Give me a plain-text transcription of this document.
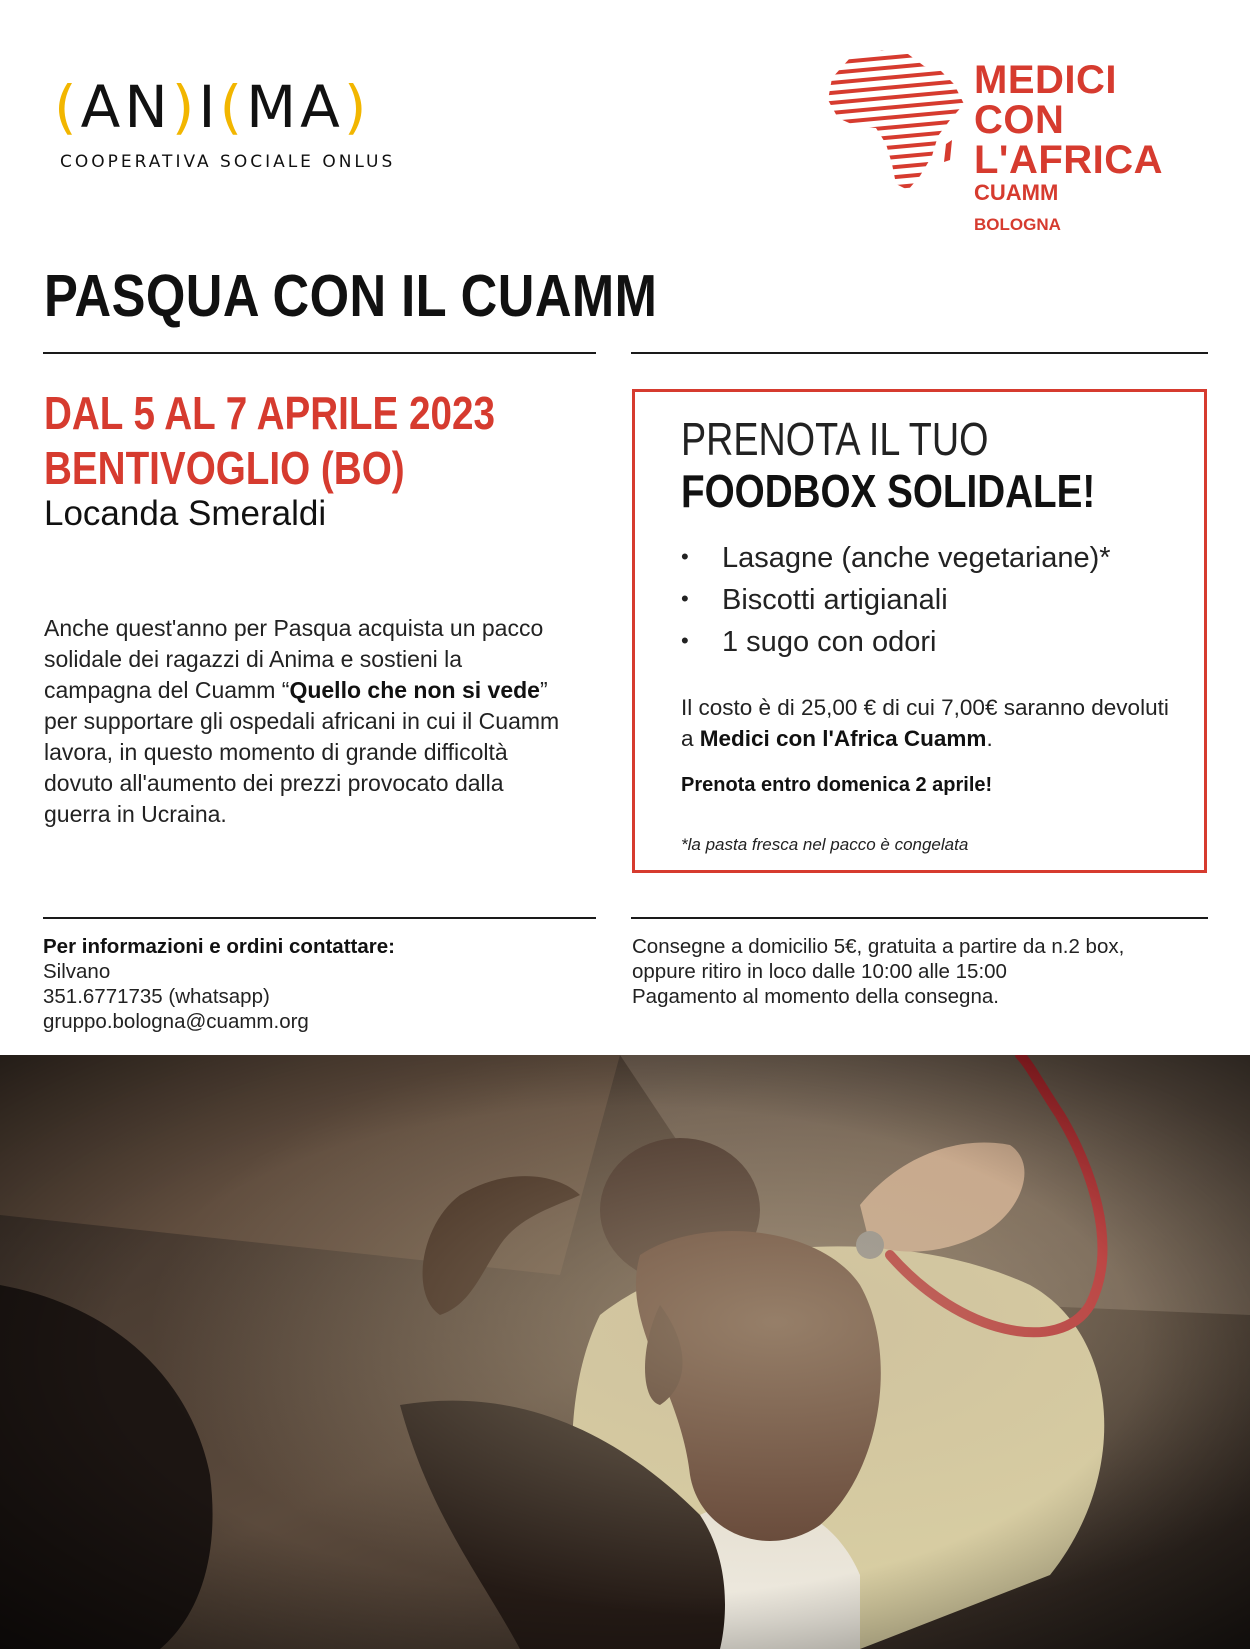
(AN)I(MA)
COOPERATIVA SOCIALE ONLUS
MEDICI
CON L'AFRICA
CUAMM
BOLOGNA
PASQUA CON IL CUAMM
DAL 5 AL 7 APRILE 2023
BENTIVOGLIO (BO)
Locanda Smeraldi

Anche quest'anno per Pasqua acquista un pacco solidale dei ragazzi di Anima e sostieni la campagna del Cuamm “Quello che non si vede” per supportare gli ospedali africani in cui il Cuamm lavora, in questo momento di grande difficoltà dovuto all'aumento dei prezzi provocato dalla guerra in Ucraina.

PRENOTA IL TUO
FOODBOX SOLIDALE!
• Lasagne (anche vegetariane)*
• Biscotti artigianali
• 1 sugo con odori

Il costo è di 25,00 € di cui 7,00€ saranno devoluti a Medici con l'Africa Cuamm.

Prenota entro domenica 2 aprile!
*la pasta fresca nel pacco è congelata
Per informazioni e ordini contattare:
Silvano
351.6771735 (whatsapp)
gruppo.bologna@cuamm.org
Consegne a domicilio 5€, gratuita a partire da n.2 box,
oppure ritiro in loco dalle 10:00 alle 15:00
Pagamento al momento della consegna.
